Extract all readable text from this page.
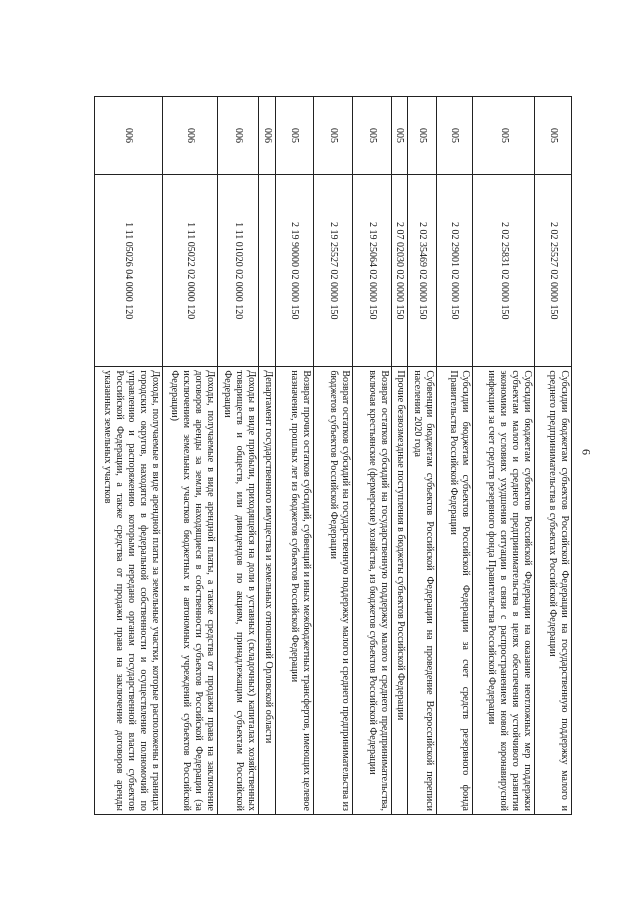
6
005	2 02 25527 02 0000 150	Субсидии бюджетам субъектов Российской Федерации на государственную поддержку малого и среднего предпринимательства в субъектах Российской Федерации
005	2 02 25831 02 0000 150	Субсидии бюджетам субъектов Российской Федерации на оказание неотложных мер поддержки субъектам малого и среднего предпринимательства в целях обеспечения устойчивого развития экономики в условиях ухудшения ситуации в связи с распространением новой коронавирусной инфекции за счет средств резервного фонда Правительства Российской Федерации
005	2 02 29001 02 0000 150	Субсидии бюджетам субъектов Российской Федерации за счет средств резервного фонда Правительства Российской Федерации
005	2 02 35469 02 0000 150	Субвенции бюджетам субъектов Российской Федерации на проведение Всероссийской переписи населения 2020 года
005	2 07 02030 02 0000 150	Прочие безвозмездные поступления в бюджеты субъектов Российской Федерации
005	2 19 25064 02 0000 150	Возврат остатков субсидий на государственную поддержку малого и среднего предпринимательства, включая крестьянские (фермерские) хозяйства, из бюджетов субъектов Российской Федерации
005	2 19 25527 02 0000 150	Возврат остатков субсидий на государственную поддержку малого и среднего предпринимательства из бюджетов субъектов Российской Федерации
005	2 19 90000 02 0000 150	Возврат прочих остатков субсидий, субвенций и иных межбюджетных трансфертов, имеющих целевое назначение, прошлых лет из бюджетов субъектов Российской Федерации
006		Департамент государственного имущества и земельных отношений Орловской области
006	1 11 01020 02 0000 120	Доходы в виде прибыли, приходящейся на доли в уставных (складочных) капиталах хозяйственных товариществ и обществ, или дивидендов по акциям, принадлежащим субъектам Российской Федерации
006	1 11 05022 02 0000 120	Доходы, получаемые в виде арендной платы, а также средства от продажи права на заключение договоров аренды за земли, находящиеся в собственности субъектов Российской Федерации (за исключением земельных участков бюджетных и автономных учреждений субъектов Российской Федерации)
006	1 11 05026 04 0000 120	Доходы, получаемые в виде арендной платы за земельные участки, которые расположены в границах городских округов, находятся в федеральной собственности и осуществление полномочий по управлению и распоряжению которыми передано органам государственной власти субъектов Российской Федерации, а также средства от продажи права на заключение договоров аренды указанных земельных участков
